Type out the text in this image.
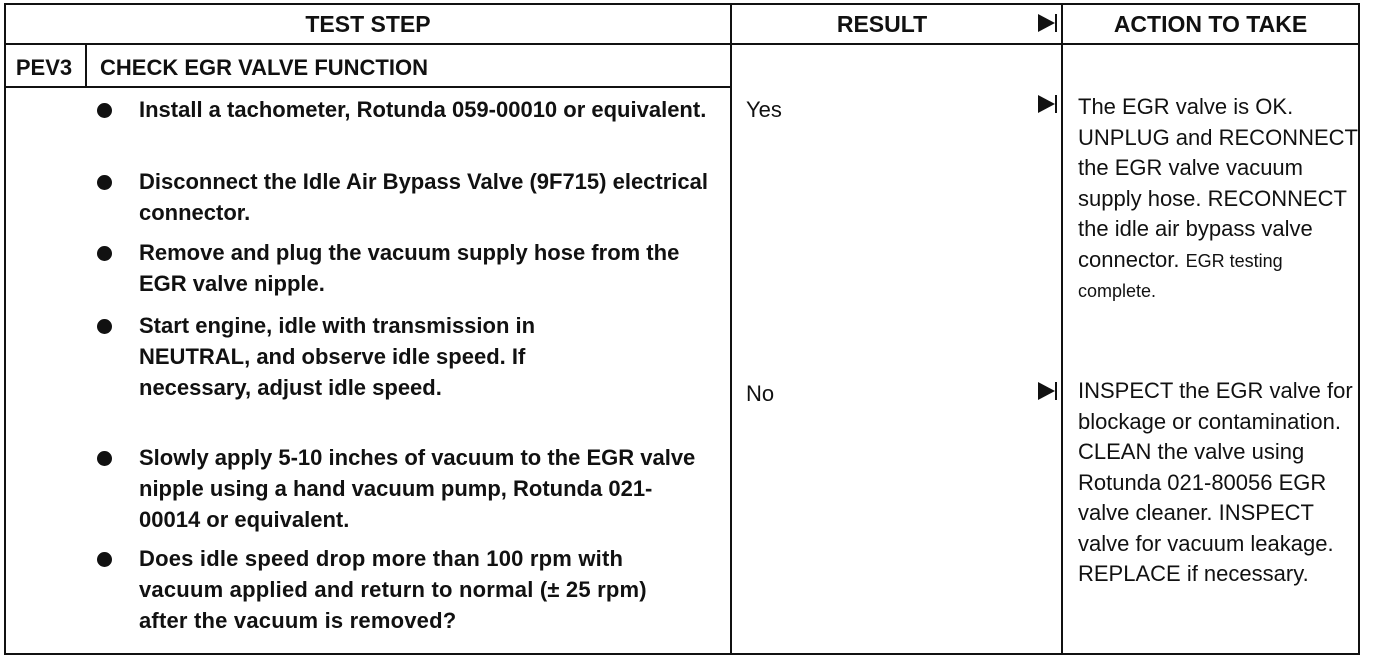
TEST STEP	RESULT	ACTION TO TAKE
PEV3	CHECK EGR VALVE FUNCTION
Install a tachometer, Rotunda 059-00010 or equivalent.
Disconnect the Idle Air Bypass Valve (9F715) electrical connector.
Remove and plug the vacuum supply hose from the EGR valve nipple.
Start engine, idle with transmission in NEUTRAL, and observe idle speed. If necessary, adjust idle speed.
Slowly apply 5-10 inches of vacuum to the EGR valve nipple using a hand vacuum pump, Rotunda 021-00014 or equivalent.
Does idle speed drop more than 100 rpm with vacuum applied and return to normal (± 25 rpm) after the vacuum is removed?
Yes	The EGR valve is OK. UNPLUG and RECONNECT the EGR valve vacuum supply hose. RECONNECT the idle air bypass valve connector. EGR testing complete.
No	INSPECT the EGR valve for blockage or contamination. CLEAN the valve using Rotunda 021-80056 EGR valve cleaner. INSPECT valve for vacuum leakage. REPLACE if necessary.
